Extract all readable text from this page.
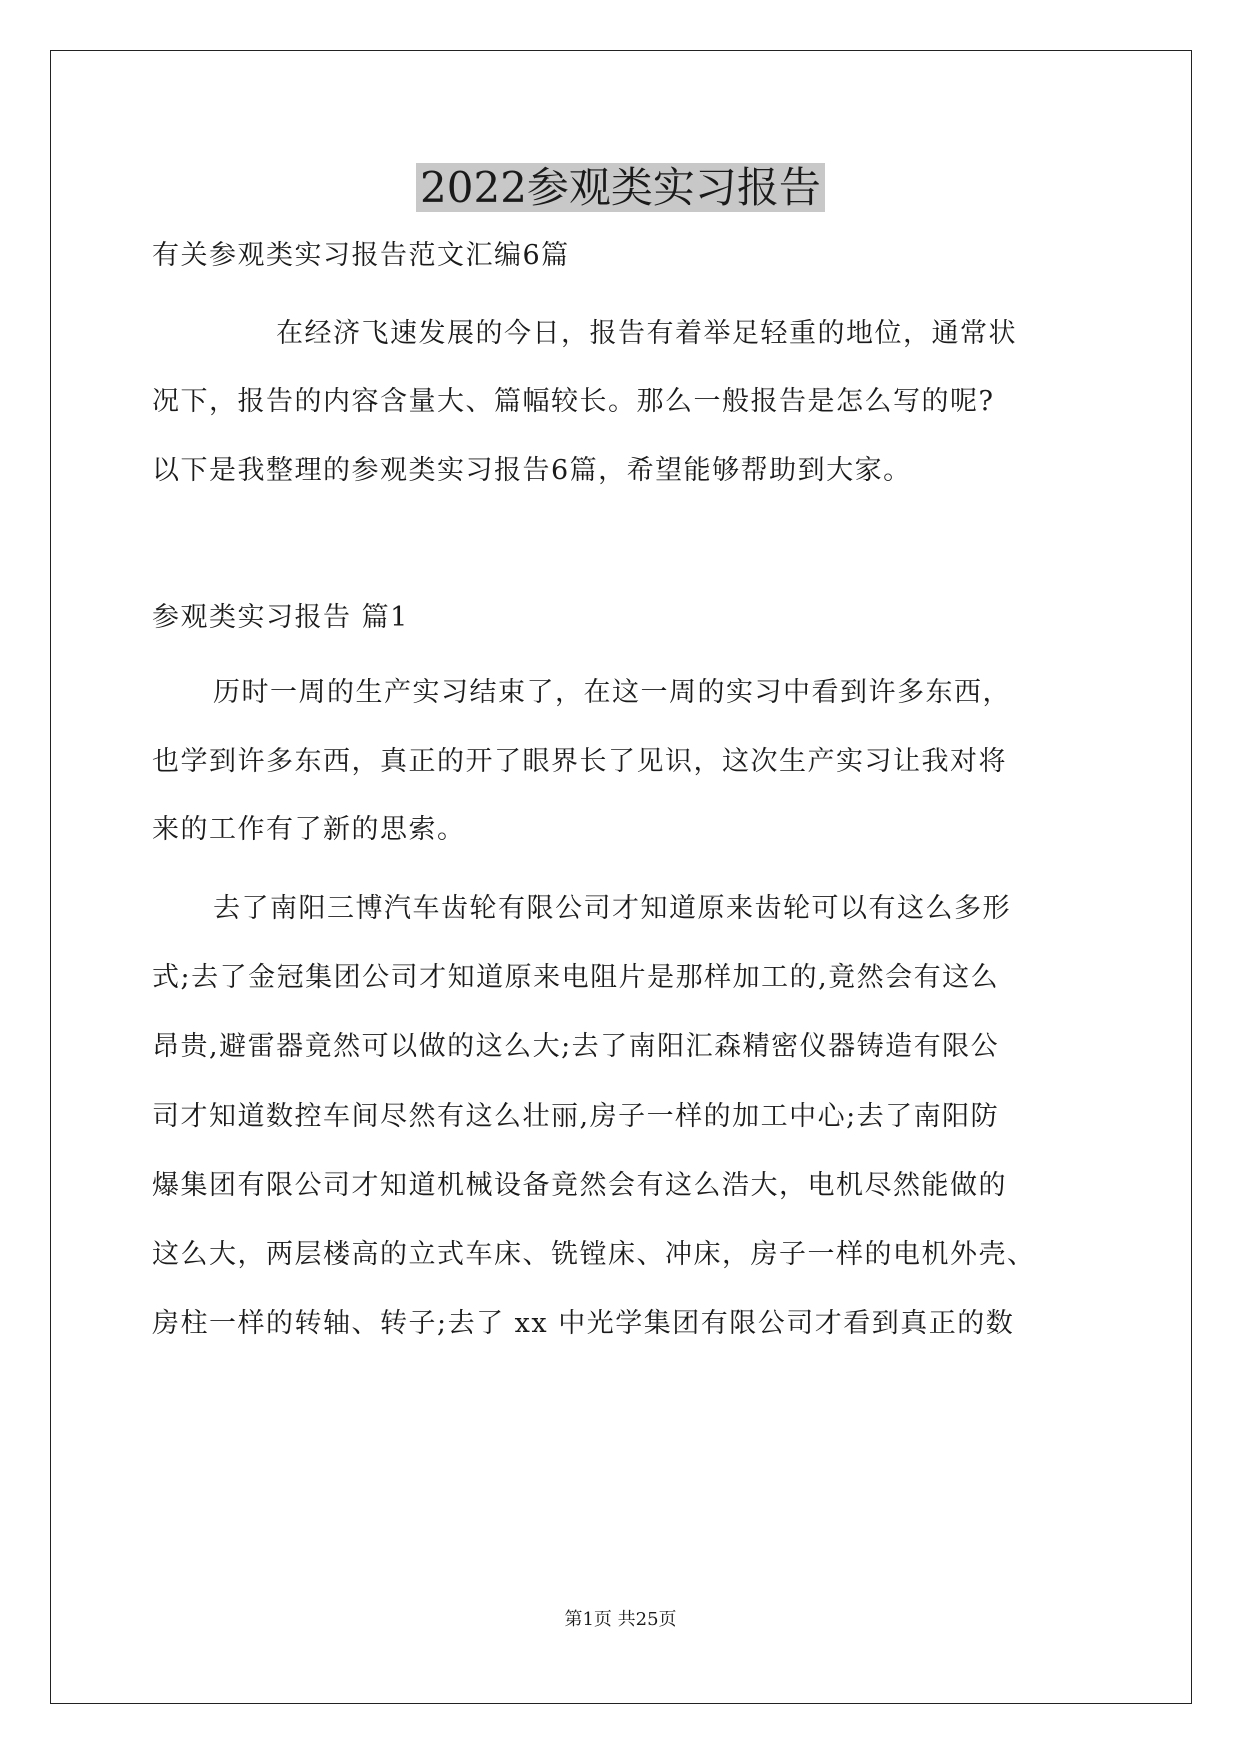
2022参观类实习报告
有关参观类实习报告范文汇编6篇
在经济飞速发展的今日，报告有着举足轻重的地位，通常状
况下，报告的内容含量大、篇幅较长。那么一般报告是怎么写的呢?
以下是我整理的参观类实习报告6篇，希望能够帮助到大家。
参观类实习报告 篇1
历时一周的生产实习结束了，在这一周的实习中看到许多东西，
也学到许多东西，真正的开了眼界长了见识，这次生产实习让我对将
来的工作有了新的思索。
去了南阳三博汽车齿轮有限公司才知道原来齿轮可以有这么多形
式;去了金冠集团公司才知道原来电阻片是那样加工的,竟然会有这么
昂贵,避雷器竟然可以做的这么大;去了南阳汇森精密仪器铸造有限公
司才知道数控车间尽然有这么壮丽,房子一样的加工中心;去了南阳防
爆集团有限公司才知道机械设备竟然会有这么浩大，电机尽然能做的
这么大，两层楼高的立式车床、铣镗床、冲床，房子一样的电机外壳、
房柱一样的转轴、转子;去了 xx 中光学集团有限公司才看到真正的数
第1页 共25页
